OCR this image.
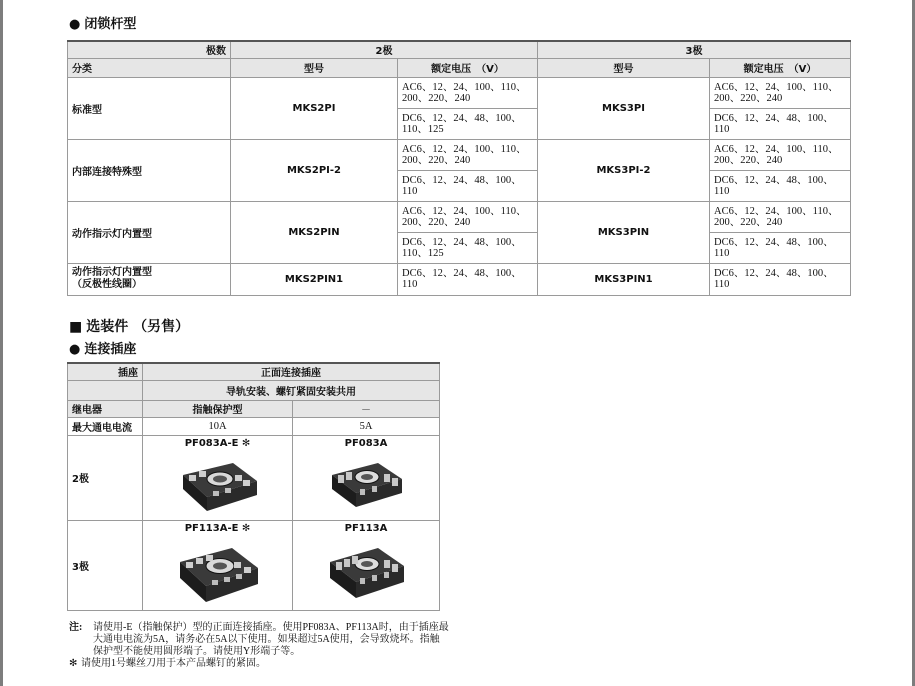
● 闭锁杆型
极数	2极		3极	
分类	型号	额定电压　（V）	型号	额定电压　（V）
标准型	MKS2PI	AC6、12、24、100、110、200、220、240	MKS3PI	AC6、12、24、100、110、200、220、240
		DC6、12、24、48、100、110、125		DC6、12、24、48、100、110
内部连接特殊型	MKS2PI-2	AC6、12、24、100、110、200、220、240	MKS3PI-2	AC6、12、24、100、110、200、220、240
		DC6、12、24、48、100、110		DC6、12、24、48、100、110
动作指示灯内置型	MKS2PIN	AC6、12、24、100、110、200、220、240	MKS3PIN	AC6、12、24、100、110、200、220、240
		DC6、12、24、48、100、110、125		DC6、12、24、48、100、110

动作指示灯内置型
（反极性线圈）	MKS2PIN1	DC6、12、24、48、100、110	MKS3PIN1	DC6、12、24、48、100、110
■ 选装件 （另售）
● 连接插座
插座	正面连接插座	
	导轨安装、螺钉紧固安装共用	
继电器	指触保护型	－
最大通电电流	10A	5A
2极	PF083A-E ✻	PF083A

3极	PF113A-E ✻	PF113A
注: 请使用-E（指触保护）型的正面连接插座。使用PF083A、PF113A时，由于插座最大通电电流为5A，请务必在5A以下使用。如果超过5A使用，会导致烧坏。指触保护型不能使用圆形端子。请使用Y形端子等。
✻ 请使用1号螺丝刀用于本产品螺钉的紧固。
